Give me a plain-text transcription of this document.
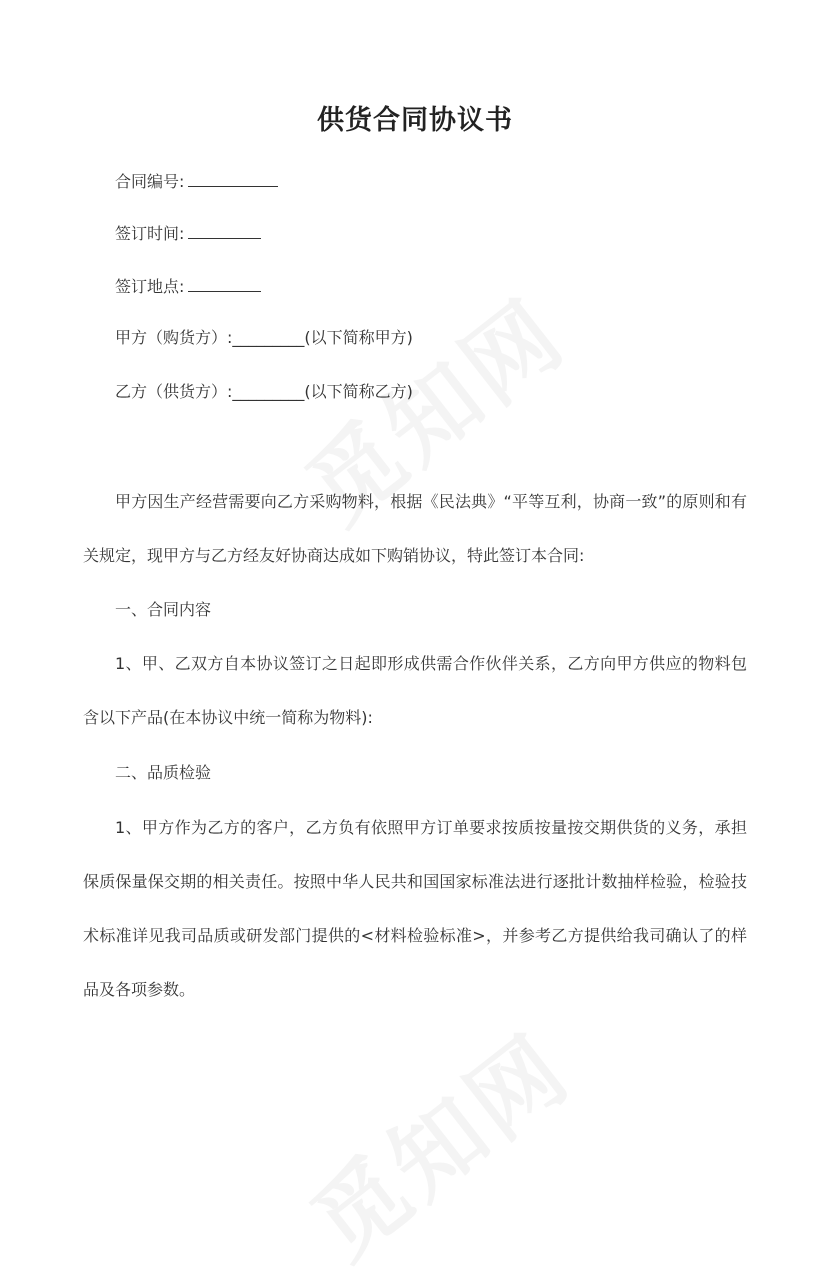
供货合同协议书
合同编号:
签订时间:
签订地点:
甲方（购货方）:_________(以下简称甲方)
乙方（供货方）:_________(以下简称乙方)
甲方因生产经营需要向乙方采购物料，根据《民法典》“平等互利，协商一致”的原则和有关规定，现甲方与乙方经友好协商达成如下购销协议，特此签订本合同:
一、合同内容
1、甲、乙双方自本协议签订之日起即形成供需合作伙伴关系，乙方向甲方供应的物料包含以下产品(在本协议中统一简称为物料):
二、品质检验
1、甲方作为乙方的客户，乙方负有依照甲方订单要求按质按量按交期供货的义务，承担保质保量保交期的相关责任。按照中华人民共和国国家标准法进行逐批计数抽样检验，检验技术标准详见我司品质或研发部门提供的<材料检验标准>，并参考乙方提供给我司确认了的样品及各项参数。
